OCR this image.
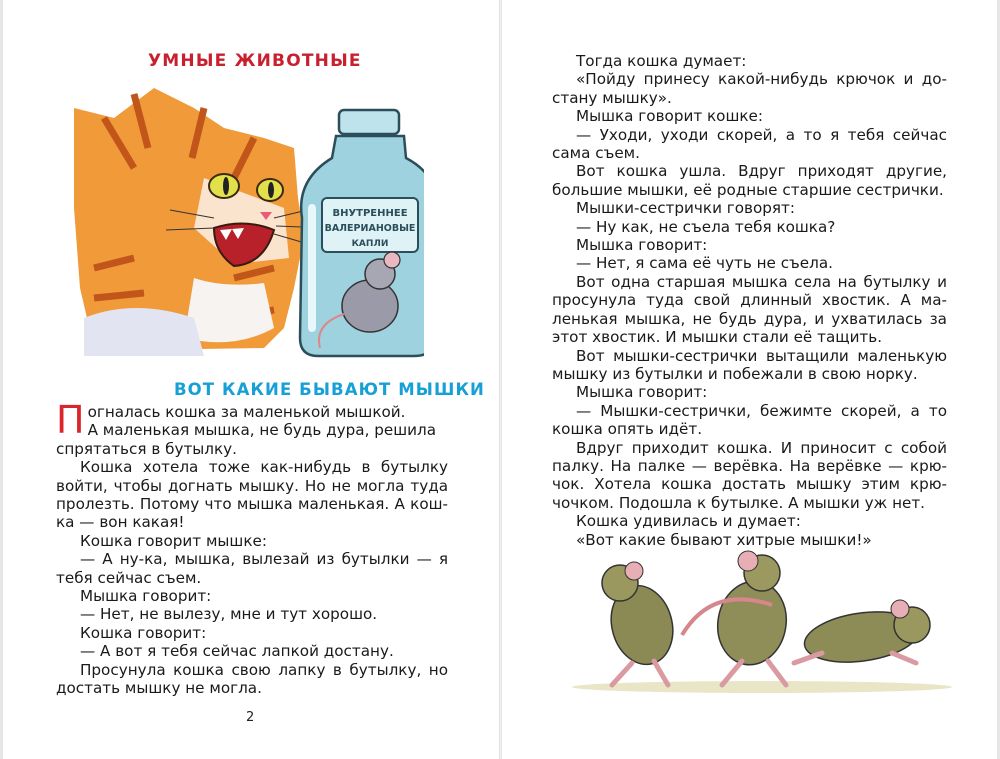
УМНЫЕ ЖИВОТНЫЕ
ВНУТРЕННЕЕ
ВАЛЕРИАНОВЫЕ
КАПЛИ
ВОТ КАКИЕ БЫВАЮТ МЫШКИ

Погналась кошка за маленькой мышкой.
А маленькая мышка, не будь дура, решила
спрятаться в бутылку.

Кошка хотела тоже как-нибудь в бутылку войти, чтобы догнать мышку. Но не могла туда пролезть. Потому что мышка маленькая. А кош- ка — вон какая!

Кошка говорит мышке:

— А ну-ка, мышка, вылезай из бутылки — я тебя сейчас съем.

Мышка говорит:

— Нет, не вылезу, мне и тут хорошо.

Кошка говорит:

— А вот я тебя сейчас лапкой достану.

Просунула кошка свою лапку в бутылку, но достать мышку не могла.

2

Тогда кошка думает:

«Пойду принесу какой-нибудь крючок и до- стану мышку».

Мышка говорит кошке:

— Уходи, уходи скорей, а то я тебя сейчас сама съем.

Вот кошка ушла. Вдруг приходят другие, большие мышки, её родные старшие сестрички.

Мышки-сестрички говорят:

— Ну как, не съела тебя кошка?

Мышка говорит:

— Нет, я сама её чуть не съела.

Вот одна старшая мышка села на бутылку и просунула туда свой длинный хвостик. А ма- ленькая мышка, не будь дура, и ухватилась за этот хвостик. И мышки стали её тащить.

Вот мышки-сестрички вытащили маленькую мышку из бутылки и побежали в свою норку.

Мышка говорит:

— Мышки-сестрички, бежимте скорей, а то кошка опять идёт.

Вдруг приходит кошка. И приносит с собой палку. На палке — верёвка. На верёвке — крю- чок. Хотела кошка достать мышку этим крю- чочком. Подошла к бутылке. А мышки уж нет.

Кошка удивилась и думает:

«Вот какие бывают хитрые мышки!»
